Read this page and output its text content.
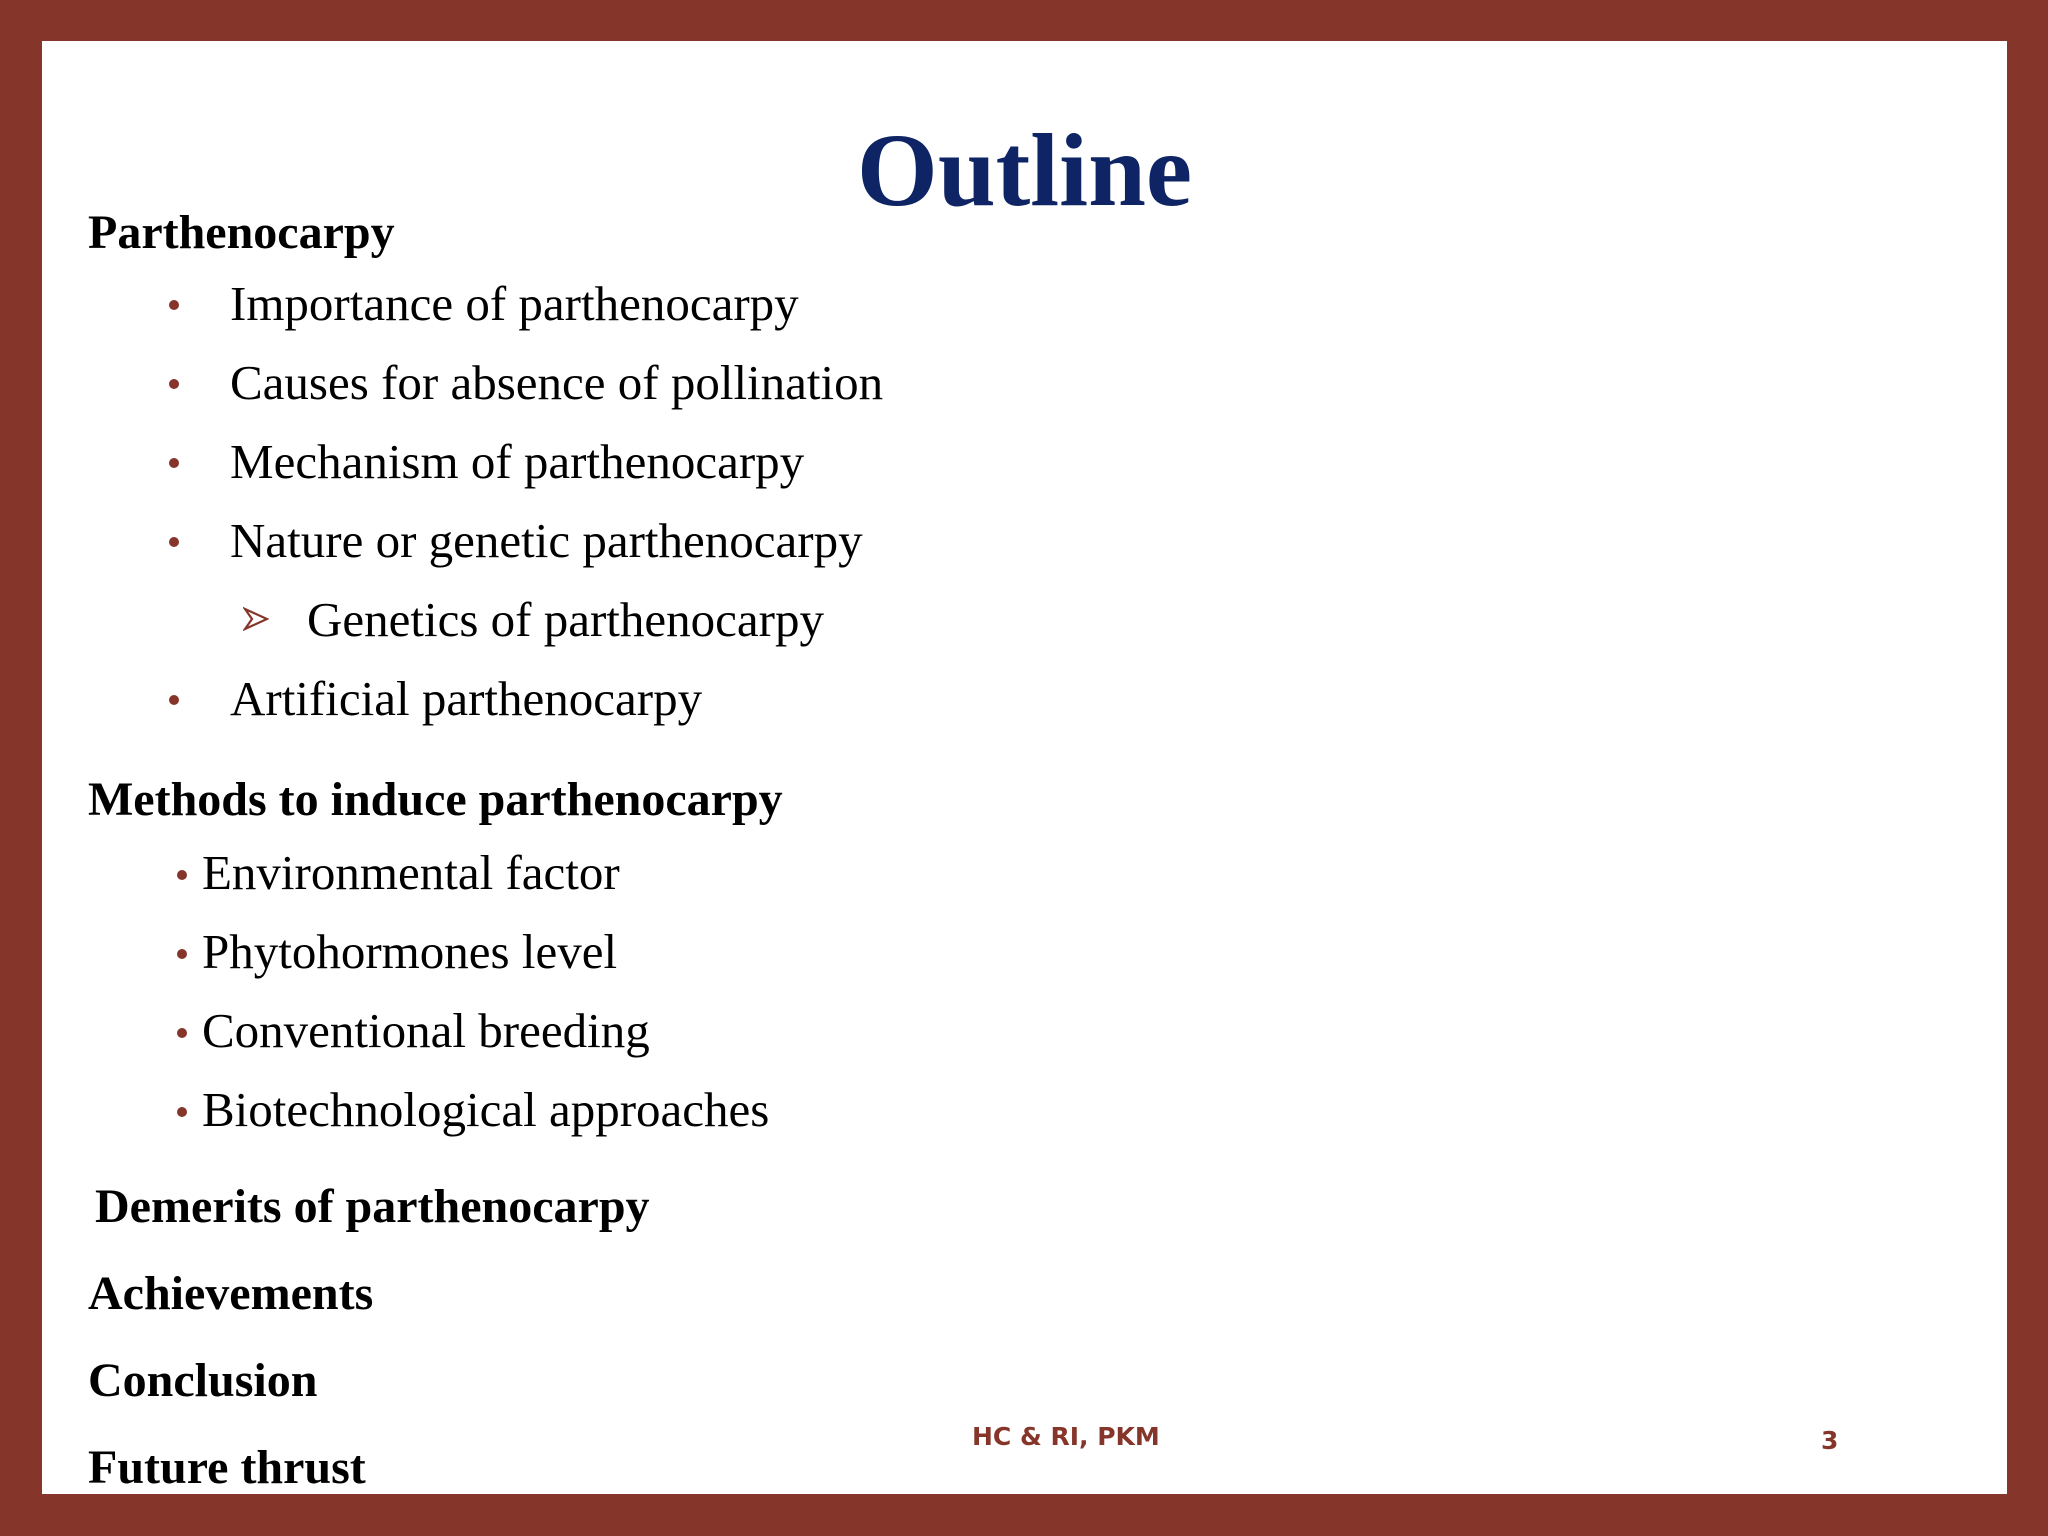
Outline
Parthenocarpy
Importance of parthenocarpy
Causes for absence of pollination
Mechanism of parthenocarpy
Nature or genetic parthenocarpy
Genetics of parthenocarpy
Artificial parthenocarpy
Methods to induce parthenocarpy
Environmental factor
Phytohormones level
Conventional breeding
Biotechnological approaches
Demerits of parthenocarpy
Achievements
Conclusion
Future thrust
HC & RI, PKM	3
